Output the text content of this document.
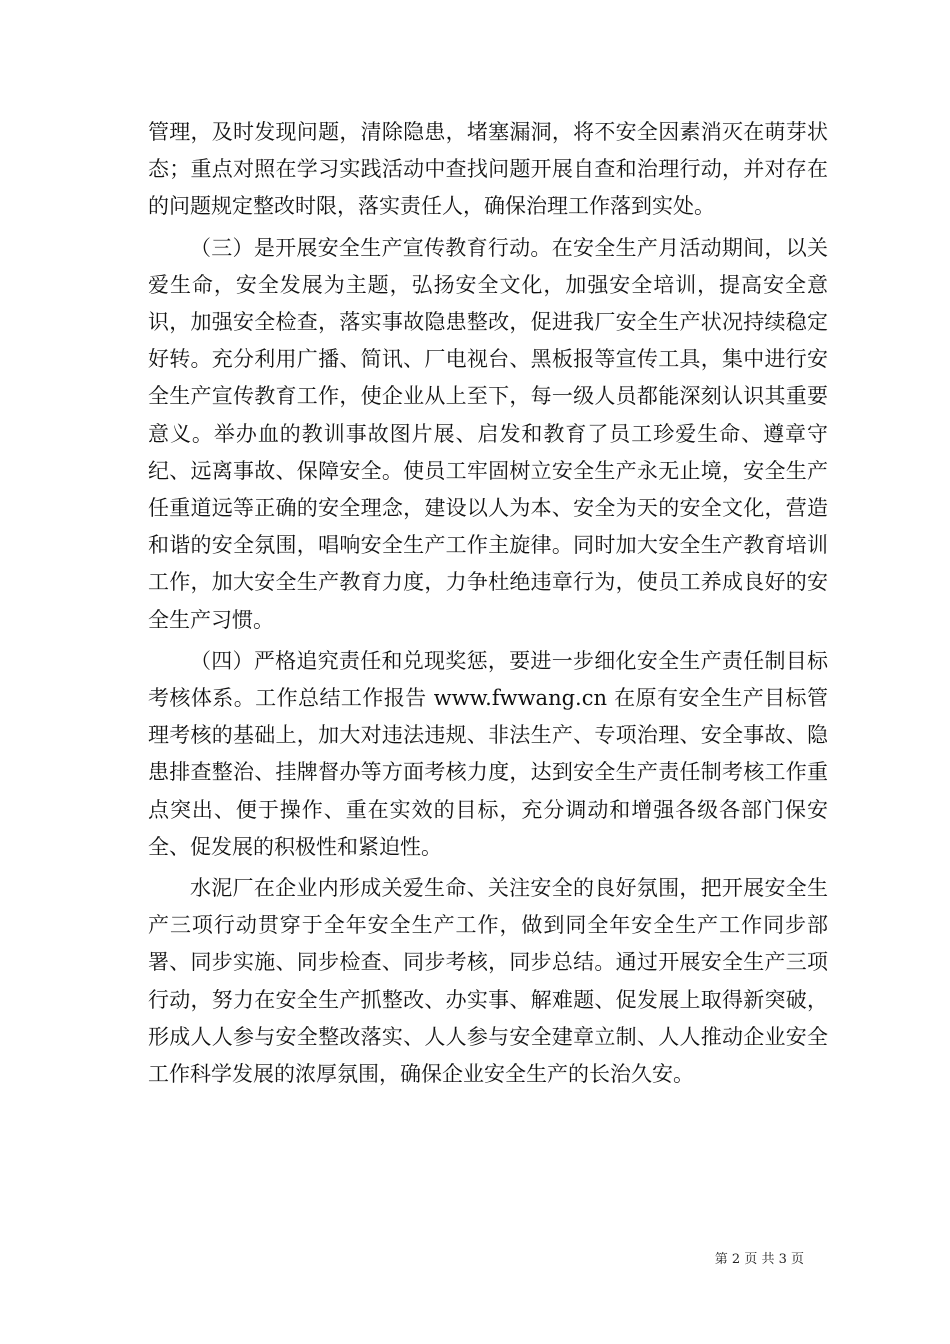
管理，及时发现问题，清除隐患，堵塞漏洞，将不安全因素消灭在萌芽状态；重点对照在学习实践活动中查找问题开展自查和治理行动，并对存在的问题规定整改时限，落实责任人，确保治理工作落到实处。

（三）是开展安全生产宣传教育行动。在安全生产月活动期间，以关爱生命，安全发展为主题，弘扬安全文化，加强安全培训，提高安全意识，加强安全检查，落实事故隐患整改，促进我厂安全生产状况持续稳定好转。充分利用广播、简讯、厂电视台、黑板报等宣传工具，集中进行安全生产宣传教育工作，使企业从上至下，每一级人员都能深刻认识其重要意义。举办血的教训事故图片展、启发和教育了员工珍爱生命、遵章守纪、远离事故、保障安全。使员工牢固树立安全生产永无止境，安全生产任重道远等正确的安全理念，建设以人为本、安全为天的安全文化，营造和谐的安全氛围，唱响安全生产工作主旋律。同时加大安全生产教育培训工作，加大安全生产教育力度，力争杜绝违章行为，使员工养成良好的安全生产习惯。

（四）严格追究责任和兑现奖惩，要进一步细化安全生产责任制目标考核体系。工作总结工作报告 www.fwwang.cn 在原有安全生产目标管理考核的基础上，加大对违法违规、非法生产、专项治理、安全事故、隐患排查整治、挂牌督办等方面考核力度，达到安全生产责任制考核工作重点突出、便于操作、重在实效的目标，充分调动和增强各级各部门保安全、促发展的积极性和紧迫性。

水泥厂在企业内形成关爱生命、关注安全的良好氛围，把开展安全生产三项行动贯穿于全年安全生产工作，做到同全年安全生产工作同步部署、同步实施、同步检查、同步考核，同步总结。通过开展安全生产三项行动，努力在安全生产抓整改、办实事、解难题、促发展上取得新突破，形成人人参与安全整改落实、人人参与安全建章立制、人人推动企业安全工作科学发展的浓厚氛围，确保企业安全生产的长治久安。

第 2 页 共 3 页
